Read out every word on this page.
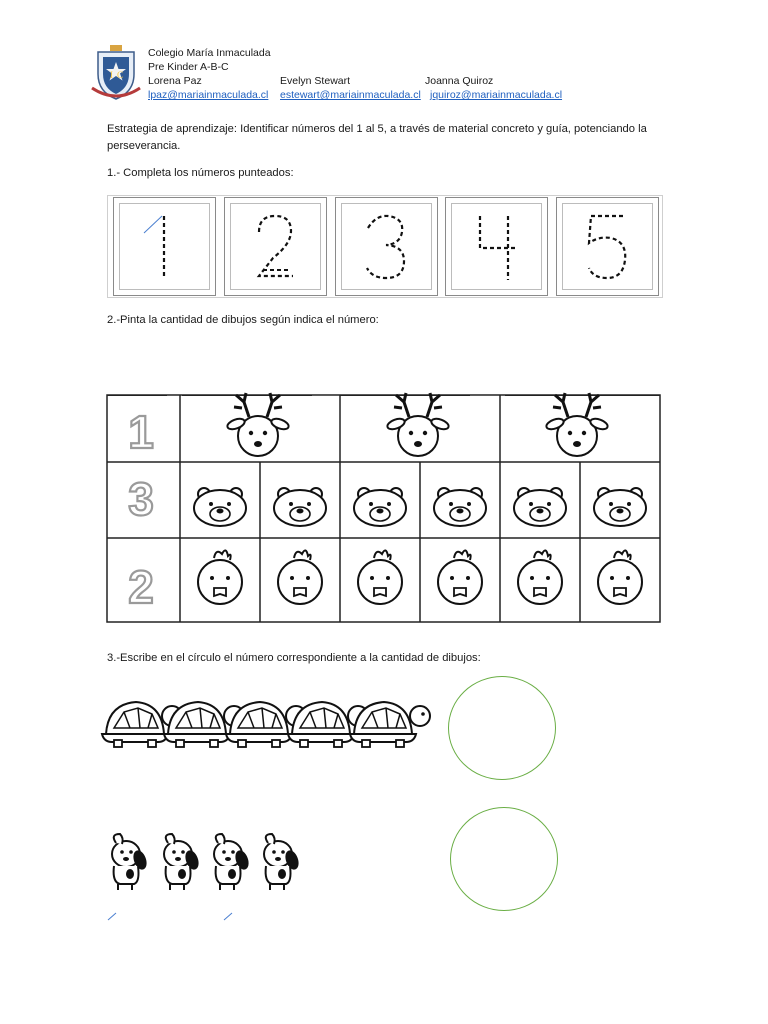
I C
Colegio María Inmaculada
Pre Kinder A-B-C
Lorena Paz	Evelyn Stewart	Joanna Quiroz
lpaz@mariainmaculada.cl estewart@mariainmaculada.cl jquiroz@mariainmaculada.cl
Estrategia de aprendizaje: Identificar números del 1 al 5, a través de material concreto y guía, potenciando la perseverancia.
1.- Completa los números punteados:
2.-Pinta la cantidad de dibujos según indica el número:
1
3
2
3.-Escribe en el círculo el número correspondiente a la cantidad de dibujos:
